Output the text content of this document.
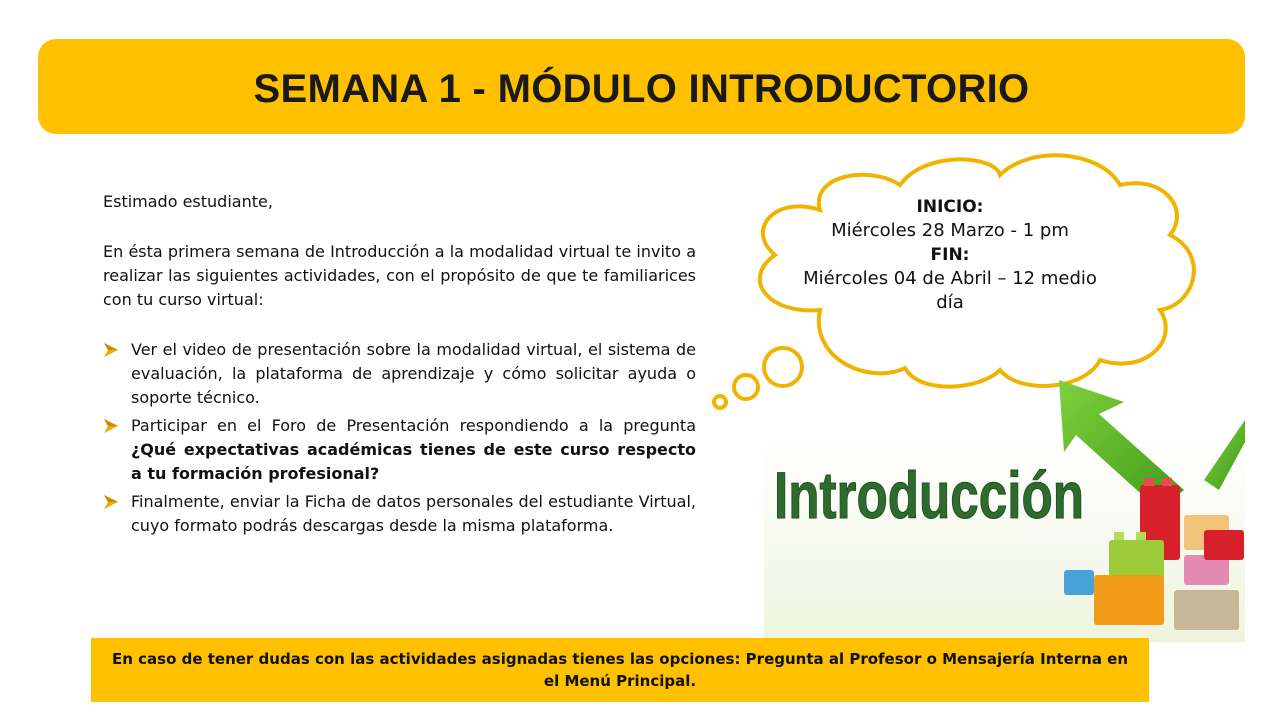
SEMANA 1 - MÓDULO INTRODUCTORIO

Estimado estudiante,

En ésta primera semana de Introducción a la modalidad virtual te invito a realizar las siguientes actividades, con el propósito de que te familiarices con tu curso virtual:

Ver el video de presentación sobre la modalidad virtual, el sistema de evaluación, la plataforma de aprendizaje y cómo solicitar ayuda o soporte técnico.
Participar en el Foro de Presentación respondiendo a la pregunta ¿Qué expectativas académicas tienes de este curso respecto a tu formación profesional?
Finalmente, enviar la Ficha de datos personales del estudiante Virtual, cuyo formato podrás descargas desde la misma plataforma.
INICIO:
Miércoles 28 Marzo - 1 pm
FIN:
Miércoles 04 de Abril – 12 medio día
Introducción
En caso de tener dudas con las actividades asignadas tienes las opciones: Pregunta al Profesor o Mensajería Interna en el Menú Principal.
